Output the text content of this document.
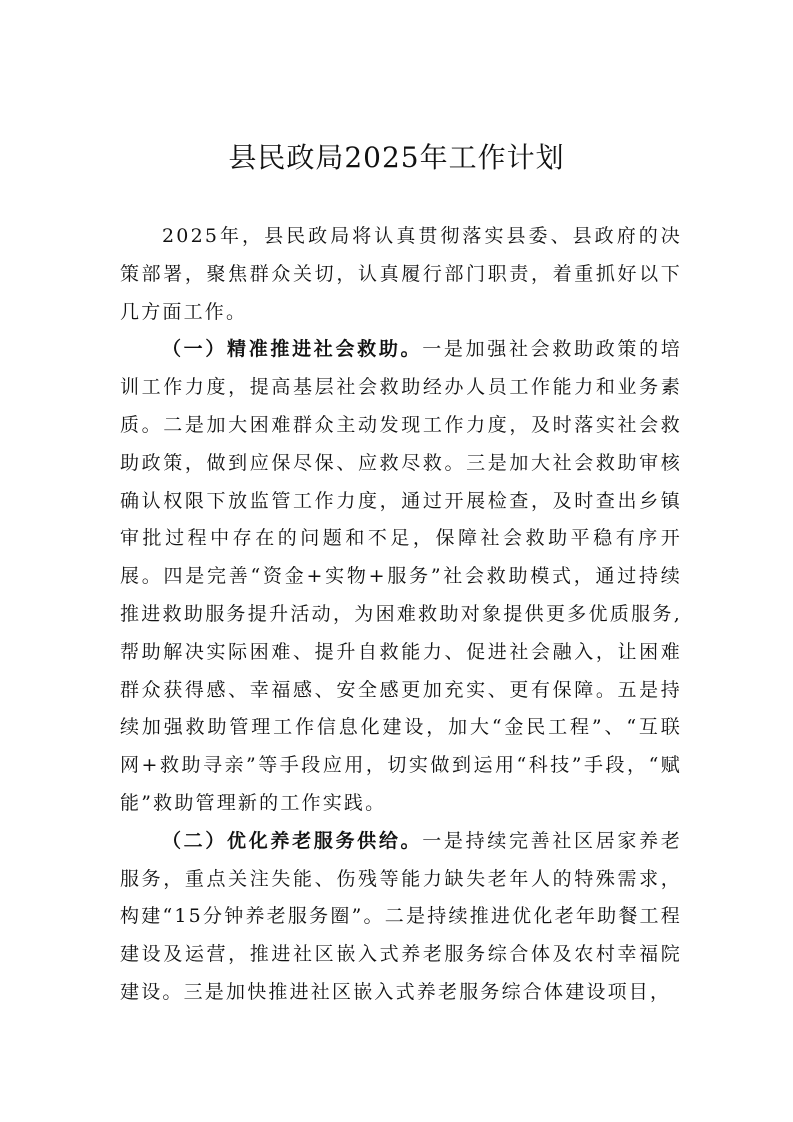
县民政局2025年工作计划

2025年，县民政局将认真贯彻落实县委、县政府的决策部署，聚焦群众关切，认真履行部门职责，着重抓好以下几方面工作。

（一）精准推进社会救助。一是加强社会救助政策的培训工作力度，提高基层社会救助经办人员工作能力和业务素质。二是加大困难群众主动发现工作力度，及时落实社会救助政策，做到应保尽保、应救尽救。三是加大社会救助审核确认权限下放监管工作力度，通过开展检查，及时查出乡镇审批过程中存在的问题和不足，保障社会救助平稳有序开展。四是完善“资金+实物+服务”社会救助模式，通过持续推进救助服务提升活动，为困难救助对象提供更多优质服务,帮助解决实际困难、提升自救能力、促进社会融入，让困难群众获得感、幸福感、安全感更加充实、更有保障。五是持续加强救助管理工作信息化建设，加大“金民工程”、“互联网+救助寻亲”等手段应用，切实做到运用“科技”手段，“赋能”救助管理新的工作实践。

（二）优化养老服务供给。一是持续完善社区居家养老服务，重点关注失能、伤残等能力缺失老年人的特殊需求，构建“15分钟养老服务圈”。二是持续推进优化老年助餐工程建设及运营，推进社区嵌入式养老服务综合体及农村幸福院建设。三是加快推进社区嵌入式养老服务综合体建设项目，
